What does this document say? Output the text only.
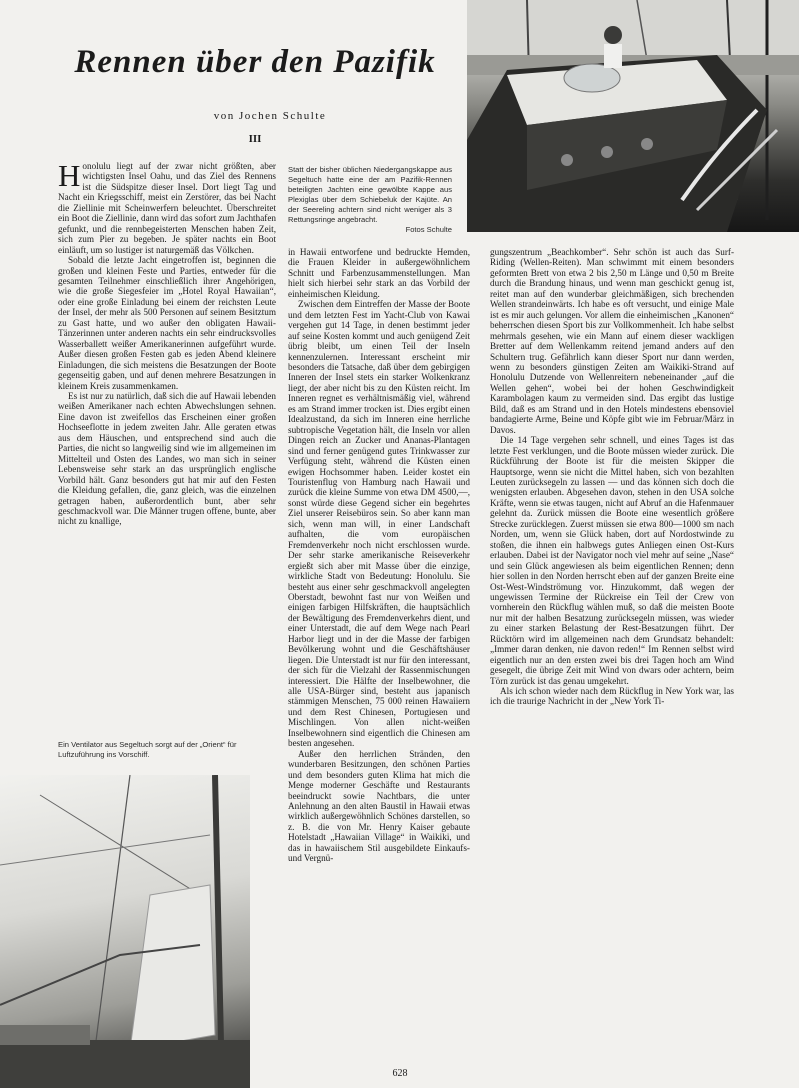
Rennen über den Pazifik
von Jochen Schulte
III
Statt der bisher üblichen Niedergangskappe aus Segeltuch hatte eine der am Pazifik-Rennen beteiligten Jachten eine gewölbte Kappe aus Plexiglas über dem Schiebeluk der Kajüte. An der Seereling achtern sind nicht weniger als 3 Rettungsringe angebracht.
Fotos Schulte

Honolulu liegt auf der zwar nicht größten, aber wichtigsten Insel Oahu, und das Ziel des Rennens ist die Südspitze dieser Insel. Dort liegt Tag und Nacht ein Kriegsschiff, meist ein Zerstörer, das bei Nacht die Ziellinie mit Scheinwerfern beleuchtet. Überschreitet ein Boot die Ziellinie, dann wird das sofort zum Jachthafen gefunkt, und die rennbegeisterten Menschen haben Zeit, sich zum Pier zu begeben. Je später nachts ein Boot einläuft, um so lustiger ist naturgemäß das Völkchen.

Sobald die letzte Jacht eingetroffen ist, beginnen die großen und kleinen Feste und Parties, entweder für die gesamten Teilnehmer einschließlich ihrer Angehörigen, wie die große Siegesfeier im „Hotel Royal Hawaiian“, oder eine große Einladung bei einem der reichsten Leute der Insel, der mehr als 500 Personen auf seinem Besitztum zu Gast hatte, und wo außer den obligaten Hawaii-Tänzerinnen unter anderen nachts ein sehr eindrucksvolles Wasserballett weißer Amerikanerinnen aufgeführt wurde. Außer diesen großen Festen gab es jeden Abend kleinere Einladungen, die sich meistens die Besatzungen der Boote gegenseitig gaben, und auf denen mehrere Besatzungen in kleinem Kreis zusammenkamen.

Es ist nur zu natürlich, daß sich die auf Hawaii lebenden weißen Amerikaner nach echten Abwechslungen sehnen. Eine davon ist zweifellos das Erscheinen einer großen Hochseeflotte in jedem zweiten Jahr. Alle geraten etwas aus dem Häuschen, und entsprechend sind auch die Parties, die nicht so langweilig sind wie im allgemeinen im Mittelteil und Osten des Landes, wo man sich in seiner Lebensweise sehr stark an das ursprünglich englische Vorbild hält. Ganz besonders gut hat mir auf den Festen die Kleidung gefallen, die, ganz gleich, was die einzelnen getragen haben, außerordentlich bunt, aber sehr geschmackvoll war. Die Männer trugen offene, bunte, aber nicht zu knallige,

Ein Ventilator aus Segeltuch sorgt auf der „Orient“ für Luftzuführung ins Vorschiff.

in Hawaii entworfene und bedruckte Hemden, die Frauen Kleider in außergewöhnlichem Schnitt und Farbenzusammenstellungen. Man hielt sich hierbei sehr stark an das Vorbild der einheimischen Kleidung.

Zwischen dem Eintreffen der Masse der Boote und dem letzten Fest im Yacht-Club von Kawai vergehen gut 14 Tage, in denen bestimmt jeder auf seine Kosten kommt und auch genügend Zeit übrig bleibt, um einen Teil der Inseln kennenzulernen. Interessant erscheint mir besonders die Tatsache, daß über dem gebirgigen Inneren der Insel stets ein starker Wolkenkranz liegt, der aber nicht bis zu den Küsten reicht. Im Inneren regnet es verhältnismäßig viel, während es am Strand immer trocken ist. Dies ergibt einen Idealzustand, da sich im Inneren eine herrliche subtropische Vegetation hält, die Inseln vor allen Dingen reich an Zucker und Ananas-Plantagen sind und ferner genügend gutes Trinkwasser zur Verfügung steht, während die Küsten einen ewigen Hochsommer haben. Leider kostet ein Touristenflug von Hamburg nach Hawaii und zurück die kleine Summe von etwa DM 4500,—, sonst würde diese Gegend sicher ein begehrtes Ziel unserer Reisebüros sein. So aber kann man sich, wenn man will, in einer Landschaft aufhalten, die vom europäischen Fremdenverkehr noch nicht erschlossen wurde. Der sehr starke amerikanische Reiseverkehr ergießt sich aber mit Masse über die einzige, wirkliche Stadt von Bedeutung: Honolulu. Sie besteht aus einer sehr geschmackvoll angelegten Oberstadt, bewohnt fast nur von Weißen und einigen farbigen Hilfskräften, die hauptsächlich der Bewältigung des Fremdenverkehrs dient, und einer Unterstadt, die auf dem Wege nach Pearl Harbor liegt und in der die Masse der farbigen Bevölkerung wohnt und die Geschäftshäuser liegen. Die Unterstadt ist nur für den interessant, der sich für die Vielzahl der Rassenmischungen interessiert. Die Hälfte der Inselbewohner, die alle USA-Bürger sind, besteht aus japanisch stämmigen Menschen, 75 000 reinen Hawaiiern und dem Rest Chinesen, Portugiesen und Mischlingen. Von allen nicht-weißen Inselbewohnern sind eigentlich die Chinesen am besten angesehen.

Außer den herrlichen Stränden, den wunderbaren Besitzungen, den schönen Parties und dem besonders guten Klima hat mich die Menge moderner Geschäfte und Restaurants beeindruckt sowie Nachtbars, die unter Anlehnung an den alten Baustil in Hawaii etwas wirklich außergewöhnlich Schönes darstellen, so z. B. die von Mr. Henry Kaiser gebaute Hotelstadt „Hawaiian Village“ in Waikiki, und das in hawaiischem Stil ausgebildete Einkaufs- und Vergnü-

gungszentrum „Beachkomber“. Sehr schön ist auch das Surf-Riding (Wellen-Reiten). Man schwimmt mit einem besonders geformten Brett von etwa 2 bis 2,50 m Länge und 0,50 m Breite durch die Brandung hinaus, und wenn man geschickt genug ist, reitet man auf den wunderbar gleichmäßigen, sich brechenden Wellen strandeinwärts. Ich habe es oft versucht, und einige Male ist es mir auch gelungen. Vor allem die einheimischen „Kanonen“ beherrschen diesen Sport bis zur Vollkommenheit. Ich habe selbst mehrmals gesehen, wie ein Mann auf einem dieser wackligen Bretter auf dem Wellenkamm reitend jemand anders auf den Schultern trug. Gefährlich kann dieser Sport nur dann werden, wenn zu besonders günstigen Zeiten am Waikiki-Strand auf Honolulu Dutzende von Wellenreitern nebeneinander „auf die Wellen gehen“, wobei bei der hohen Geschwindigkeit Karambolagen kaum zu vermeiden sind. Das ergibt das lustige Bild, daß es am Strand und in den Hotels mindestens ebensoviel bandagierte Arme, Beine und Köpfe gibt wie im Februar/März in Davos.

Die 14 Tage vergehen sehr schnell, und eines Tages ist das letzte Fest verklungen, und die Boote müssen wieder zurück. Die Rückführung der Boote ist für die meisten Skipper die Hauptsorge, wenn sie nicht die Mittel haben, sich von bezahlten Leuten zurücksegeln zu lassen — und das können sich doch die wenigsten erlauben. Abgesehen davon, stehen in den USA solche Kräfte, wenn sie etwas taugen, nicht auf Abruf an die Hafenmauer gelehnt da. Zurück müssen die Boote eine wesentlich größere Strecke zurücklegen. Zuerst müssen sie etwa 800—1000 sm nach Norden, um, wenn sie Glück haben, dort auf Nordostwinde zu stoßen, die ihnen ein halbwegs gutes Anliegen einen Ost-Kurs erlauben. Dabei ist der Navigator noch viel mehr auf seine „Nase“ und sein Glück angewiesen als beim eigentlichen Rennen; denn hier sollen in den Norden herrscht eben auf der ganzen Breite eine Ost-West-Windströmung vor. Hinzukommt, daß wegen der ungewissen Termine der Rückreise ein Teil der Crew von vornherein den Rückflug wählen muß, so daß die meisten Boote nur mit der halben Besatzung zurücksegeln müssen, was wieder zu einer starken Belastung der Rest-Besatzungen führt. Der Rücktörn wird im allgemeinen nach dem Grundsatz behandelt: „Immer daran denken, nie davon reden!“ Im Rennen selbst wird eigentlich nur an den ersten zwei bis drei Tagen hoch am Wind gesegelt, die übrige Zeit mit Wind von dwars oder achtern, beim Törn zurück ist das genau umgekehrt.

Als ich schon wieder nach dem Rückflug in New York war, las ich die traurige Nachricht in der „New York Ti-

628
